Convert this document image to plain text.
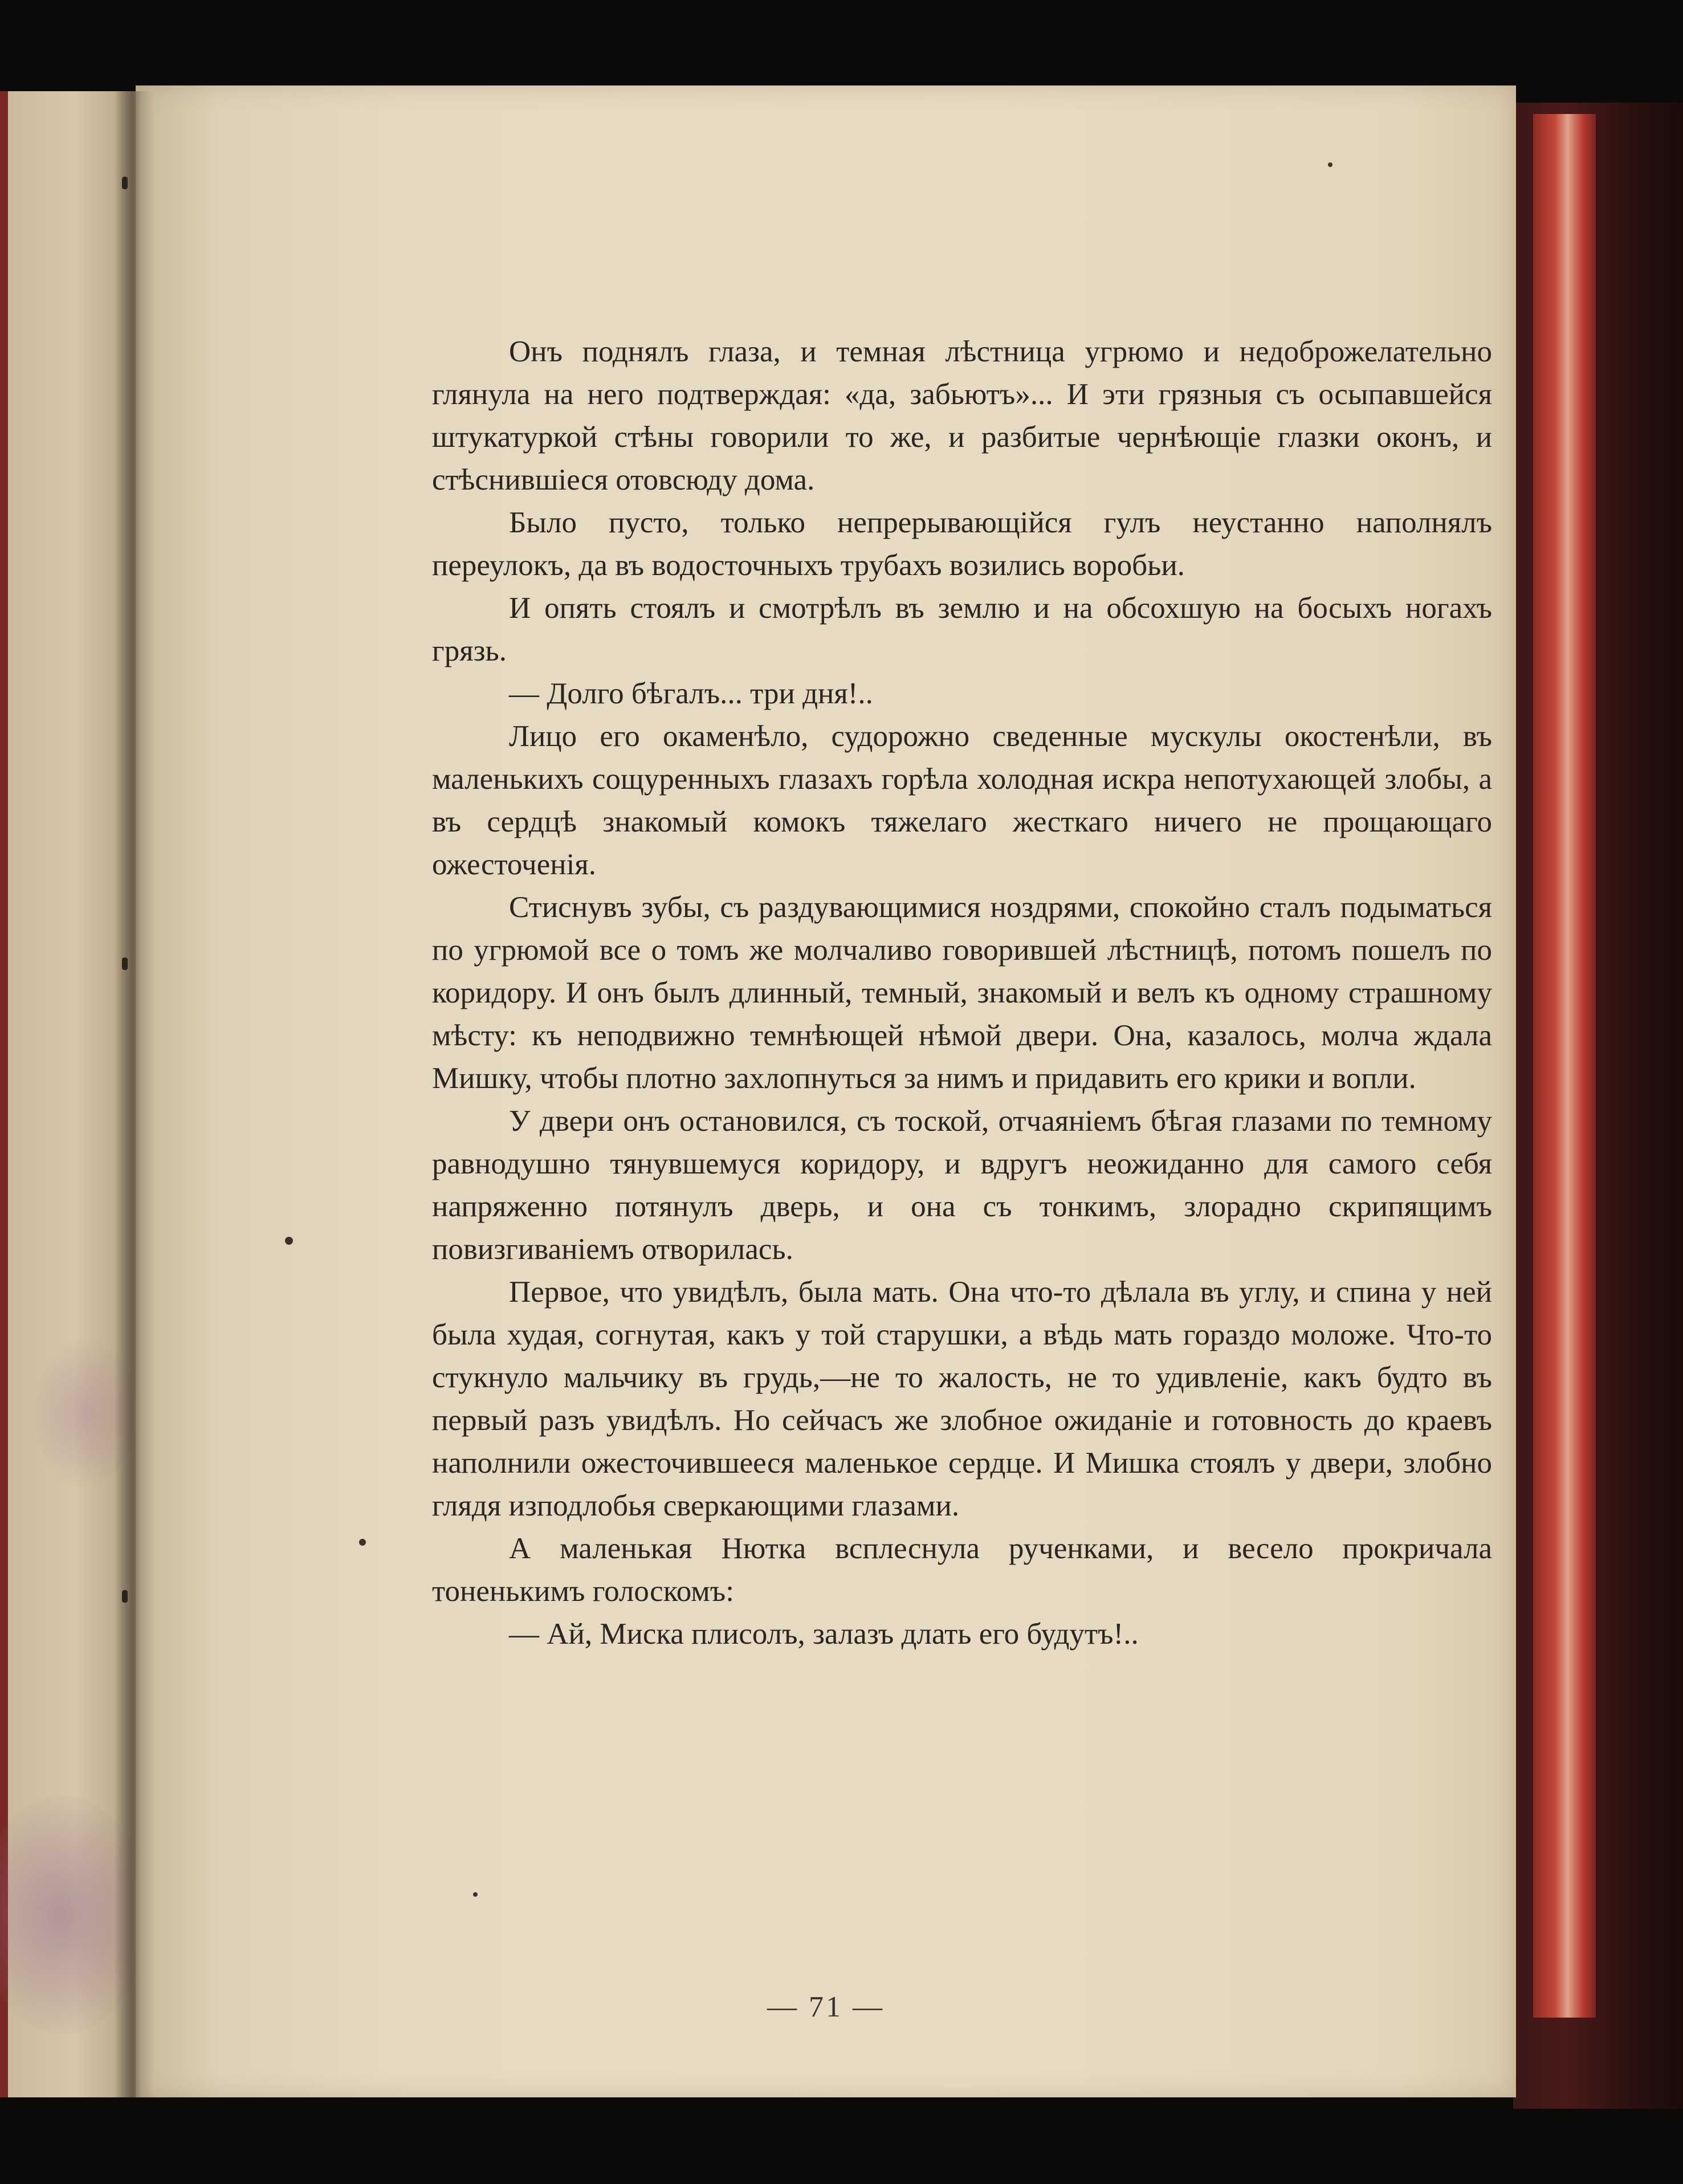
Онъ поднялъ глаза, и темная лѣстница угрюмо и недоброжелательно глянула на него подтверждая: «да, забьютъ»... И эти грязныя съ осыпавшейся штукатуркой стѣны говорили то же, и разбитые чернѣющіе глазки оконъ, и стѣснившіеся отовсюду дома.

Было пусто, только непрерывающійся гулъ неустанно наполнялъ переулокъ, да въ водосточныхъ трубахъ возились воробьи.

И опять стоялъ и смотрѣлъ въ землю и на обсохшую на босыхъ ногахъ грязь.

— Долго бѣгалъ... три дня!..

Лицо его окаменѣло, судорожно сведенные мускулы окостенѣли, въ маленькихъ сощуренныхъ глазахъ горѣла холодная искра непотухающей злобы, а въ сердцѣ знакомый комокъ тяжелаго жесткаго ничего не прощающаго ожесточенія.

Стиснувъ зубы, съ раздувающимися ноздрями, спокойно сталъ подыматься по угрюмой все о томъ же молчаливо говорившей лѣстницѣ, потомъ пошелъ по коридору. И онъ былъ длинный, темный, знакомый и велъ къ одному страшному мѣсту: къ неподвижно темнѣющей нѣмой двери. Она, казалось, молча ждала Мишку, чтобы плотно захлопнуться за нимъ и придавить его крики и вопли.

У двери онъ остановился, съ тоской, отчаяніемъ бѣгая глазами по темному равнодушно тянувшемуся коридору, и вдругъ неожиданно для самого себя напряженно потянулъ дверь, и она съ тонкимъ, злорадно скрипящимъ повизгиваніемъ отворилась.

Первое, что увидѣлъ, была мать. Она что-то дѣлала въ углу, и спина у ней была худая, согнутая, какъ у той старушки, а вѣдь мать гораздо моложе. Что-то стукнуло мальчику въ грудь,—не то жалость, не то удивленіе, какъ будто въ первый разъ увидѣлъ. Но сейчасъ же злобное ожиданіе и готовность до краевъ наполнили ожесточившееся маленькое сердце. И Мишка стоялъ у двери, злобно глядя изподлобья сверкающими глазами.

А маленькая Нютка всплеснула рученками, и весело прокричала тоненькимъ голоскомъ:

— Ай, Миска плисолъ, залазъ длать его будутъ!..

— 71 —
